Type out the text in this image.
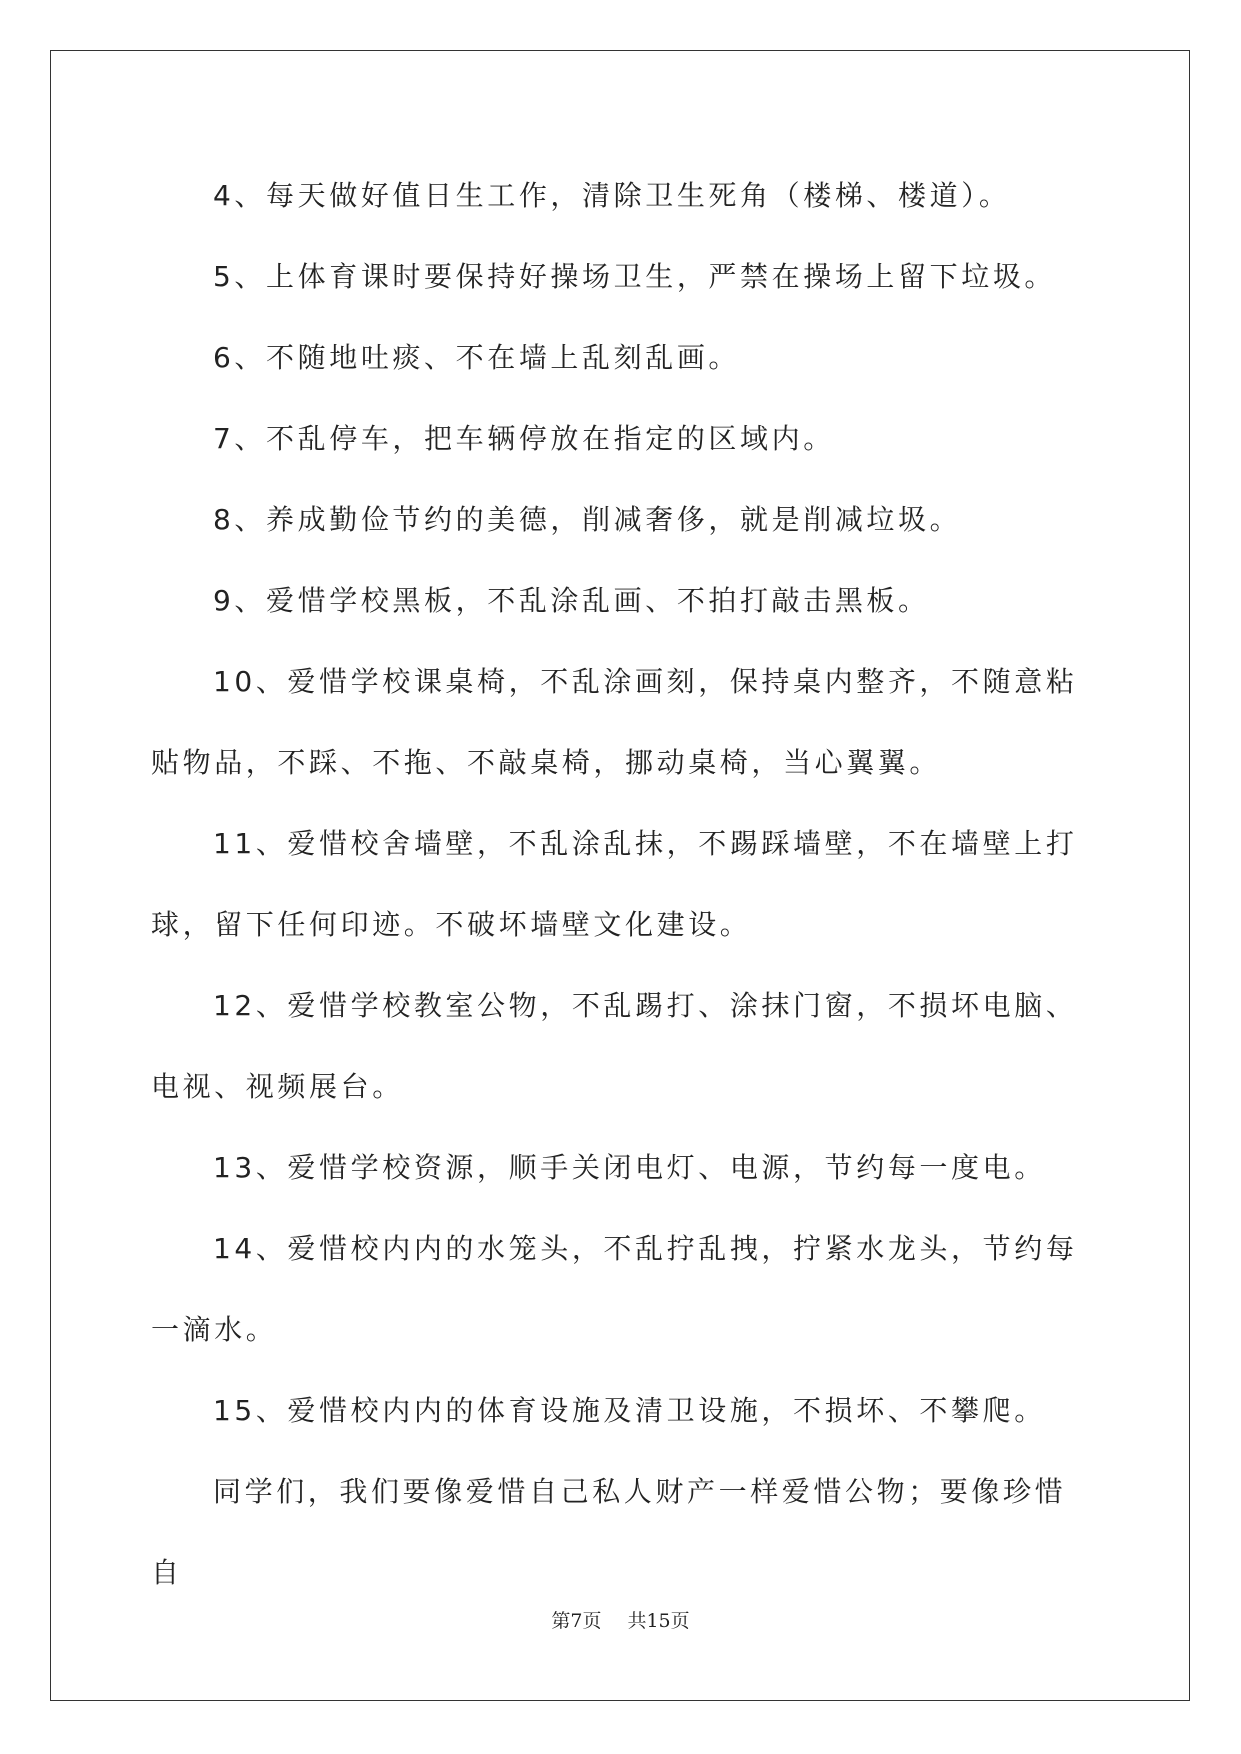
4、每天做好值日生工作，清除卫生死角（楼梯、楼道）。

5、上体育课时要保持好操场卫生，严禁在操场上留下垃圾。

6、不随地吐痰、不在墙上乱刻乱画。

7、不乱停车，把车辆停放在指定的区域内。

8、养成勤俭节约的美德，削减奢侈，就是削减垃圾。

9、爱惜学校黑板，不乱涂乱画、不拍打敲击黑板。

10、爱惜学校课桌椅，不乱涂画刻，保持桌内整齐，不随意粘贴物品，不踩、不拖、不敲桌椅，挪动桌椅，当心翼翼。

11、爱惜校舍墙壁，不乱涂乱抹，不踢踩墙壁，不在墙壁上打球，留下任何印迹。不破坏墙壁文化建设。

12、爱惜学校教室公物，不乱踢打、涂抹门窗，不损坏电脑、电视、视频展台。

13、爱惜学校资源，顺手关闭电灯、电源，节约每一度电。

14、爱惜校内内的水笼头，不乱拧乱拽，拧紧水龙头，节约每一滴水。

15、爱惜校内内的体育设施及清卫设施，不损坏、不攀爬。

同学们，我们要像爱惜自己私人财产一样爱惜公物；要像珍惜自

第7页 共15页
